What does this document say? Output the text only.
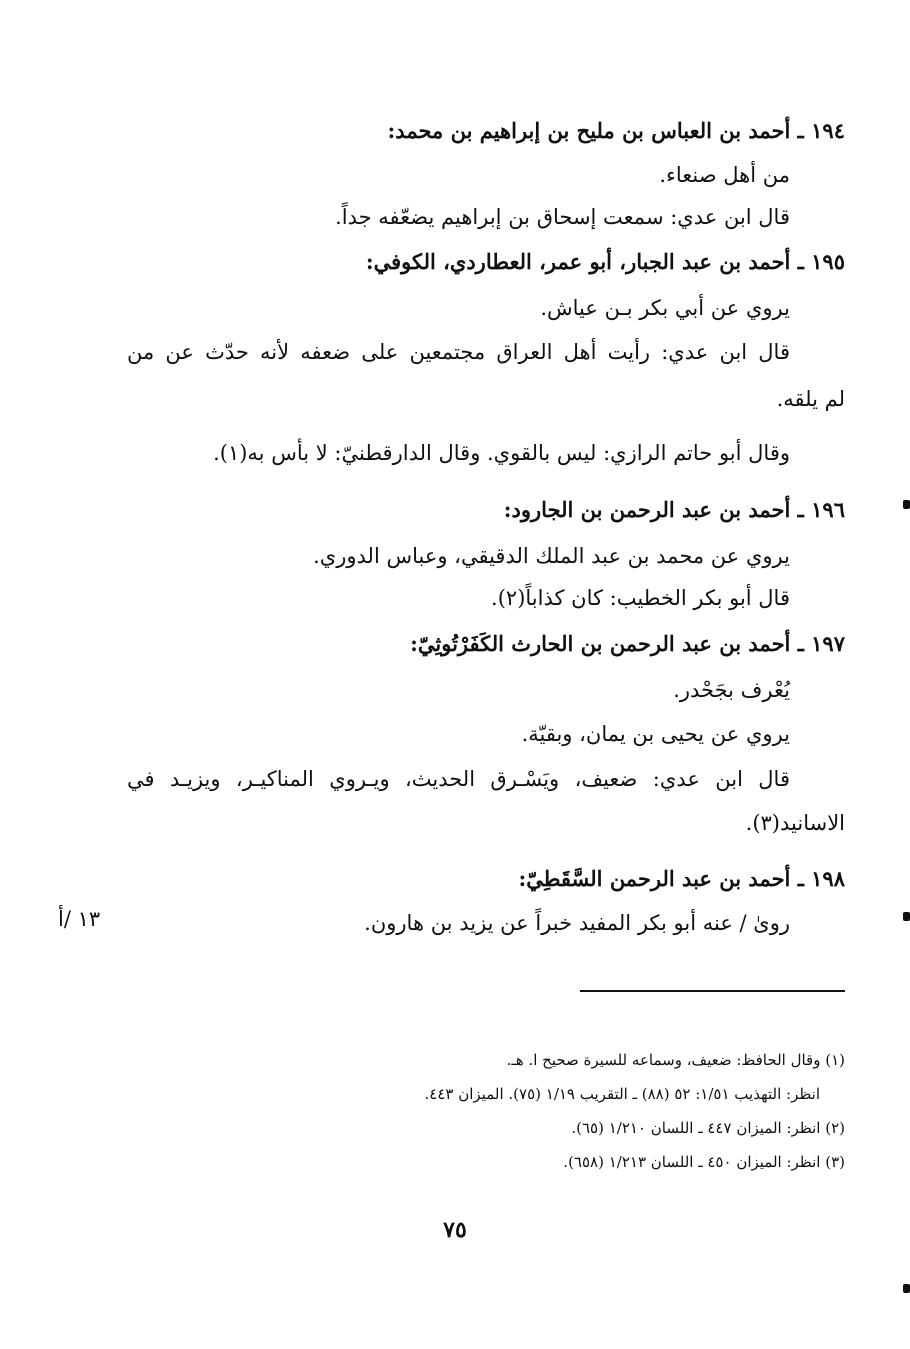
١٩٤ ـ أحمد بن العباس بن مليح بن إبراهيم بن محمد:
من أهل صنعاء.
قال ابن عدي: سمعت إسحاق بن إبراهيم يضعّفه جداً.
١٩٥ ـ أحمد بن عبد الجبار، أبو عمر، العطاردي، الكوفي:
يروي عن أبي بكر بـن عياش.
قال ابن عدي: رأيت أهل العراق مجتمعين على ضعفه لأنه حدّث عن من
لم يلقه.
وقال أبو حاتم الرازي: ليس بالقوي. وقال الدارقطنيّ: لا بأس به(١).
١٩٦ ـ أحمد بن عبد الرحمن بن الجارود:
يروي عن محمد بن عبد الملك الدقيقي، وعباس الدوري.
قال أبو بكر الخطيب: كان كذاباً(٢).
١٩٧ ـ أحمد بن عبد الرحمن بن الحارث الكَفَرْتُوثِيّ:
يُعْرف بجَحْدر.
يروي عن يحيى بن يمان، وبقيّة.
قال ابن عدي: ضعيف، ويَسْـرق الحديث، ويـروي المناكيـر، ويزيـد في
الاسانيد(٣).
١٩٨ ـ أحمد بن عبد الرحمن السَّقَطِيّ:
روىٰ / عنه أبو بكر المفيد خبراً عن يزيد بن هارون.
١٣ /أ
(١) وقال الحافظ: ضعيف، وسماعه للسيرة صحيح ا. هـ.
انظر: التهذيب ١/٥١: ٥٢ (٨٨) ـ التقريب ١/١٩ (٧٥). الميزان ٤٤٣.
(٢) انظر: الميزان ٤٤٧ ـ اللسان ١/٢١٠ (٦٥).
(٣) انظر: الميزان ٤٥٠ ـ اللسان ١/٢١٣ (٦٥٨).
٧٥
